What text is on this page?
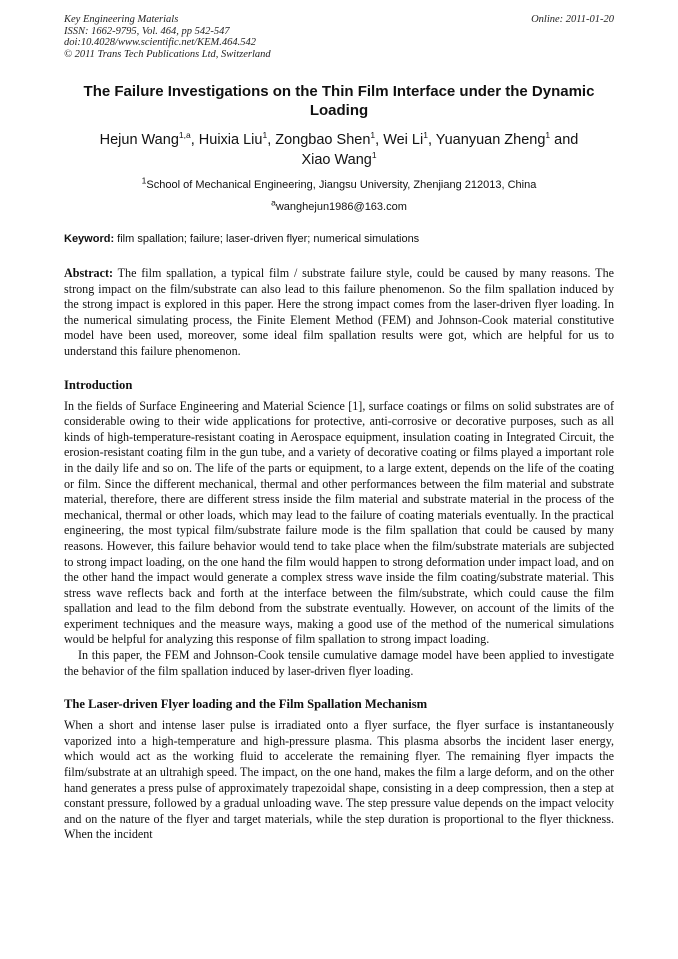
Key Engineering Materials
ISSN: 1662-9795, Vol. 464, pp 542-547
doi:10.4028/www.scientific.net/KEM.464.542
© 2011 Trans Tech Publications Ltd, Switzerland
Online: 2011-01-20
The Failure Investigations on the Thin Film Interface under the Dynamic Loading
Hejun Wang$^{1,a}$, Huixia Liu$^1$, Zongbao Shen$^1$, Wei Li$^1$, Yuanyuan Zheng$^1$ and
Xiao Wang$^1$
$^1$School of Mechanical Engineering, Jiangsu University, Zhenjiang 212013, China
$^a$wanghejun1986@163.com
Keyword: film spallation; failure; laser-driven flyer; numerical simulations

Abstract: The film spallation, a typical film / substrate failure style, could be caused by many reasons. The strong impact on the film/substrate can also lead to this failure phenomenon. So the film spallation induced by the strong impact is explored in this paper. Here the strong impact comes from the laser-driven flyer loading. In the numerical simulating process, the Finite Element Method (FEM) and Johnson-Cook material constitutive model have been used, moreover, some ideal film spallation results were got, which are helpful for us to understand this failure phenomenon.

Introduction

In the fields of Surface Engineering and Material Science [1], surface coatings or films on solid substrates are of considerable owing to their wide applications for protective, anti-corrosive or decorative purposes, such as all kinds of high-temperature-resistant coating in Aerospace equipment, insulation coating in Integrated Circuit, the erosion-resistant coating film in the gun tube, and a variety of decorative coating or films played a important role in the daily life and so on. The life of the parts or equipment, to a large extent, depends on the life of the coating or film. Since the different mechanical, thermal and other performances between the film material and substrate material, therefore, there are different stress inside the film material and substrate material in the process of the mechanical, thermal or other loads, which may lead to the failure of coating materials eventually. In the practical engineering, the most typical film/substrate failure mode is the film spallation that could be caused by many reasons. However, this failure behavior would tend to take place when the film/substrate materials are subjected to strong impact loading, on the one hand the film would happen to strong deformation under impact load, and on the other hand the impact would generate a complex stress wave inside the film coating/substrate material. This stress wave reflects back and forth at the interface between the film/substrate, which could cause the film spallation and lead to the film debond from the substrate eventually. However, on account of the limits of the experiment techniques and the measure ways, making a good use of the method of the numerical simulations would be helpful for analyzing this response of film spallation to strong impact loading.

In this paper, the FEM and Johnson-Cook tensile cumulative damage model have been applied to investigate the behavior of the film spallation induced by laser-driven flyer loading.

The Laser-driven Flyer loading and the Film Spallation Mechanism

When a short and intense laser pulse is irradiated onto a flyer surface, the flyer surface is instantaneously vaporized into a high-temperature and high-pressure plasma. This plasma absorbs the incident laser energy, which would act as the working fluid to accelerate the remaining flyer. The remaining flyer impacts the film/substrate at an ultrahigh speed. The impact, on the one hand, makes the film a large deform, and on the other hand generates a press pulse of approximately trapezoidal shape, consisting in a deep compression, then a step at constant pressure, followed by a gradual unloading wave. The step pressure value depends on the impact velocity and on the nature of the flyer and target materials, while the step duration is proportional to the flyer thickness. When the incident
